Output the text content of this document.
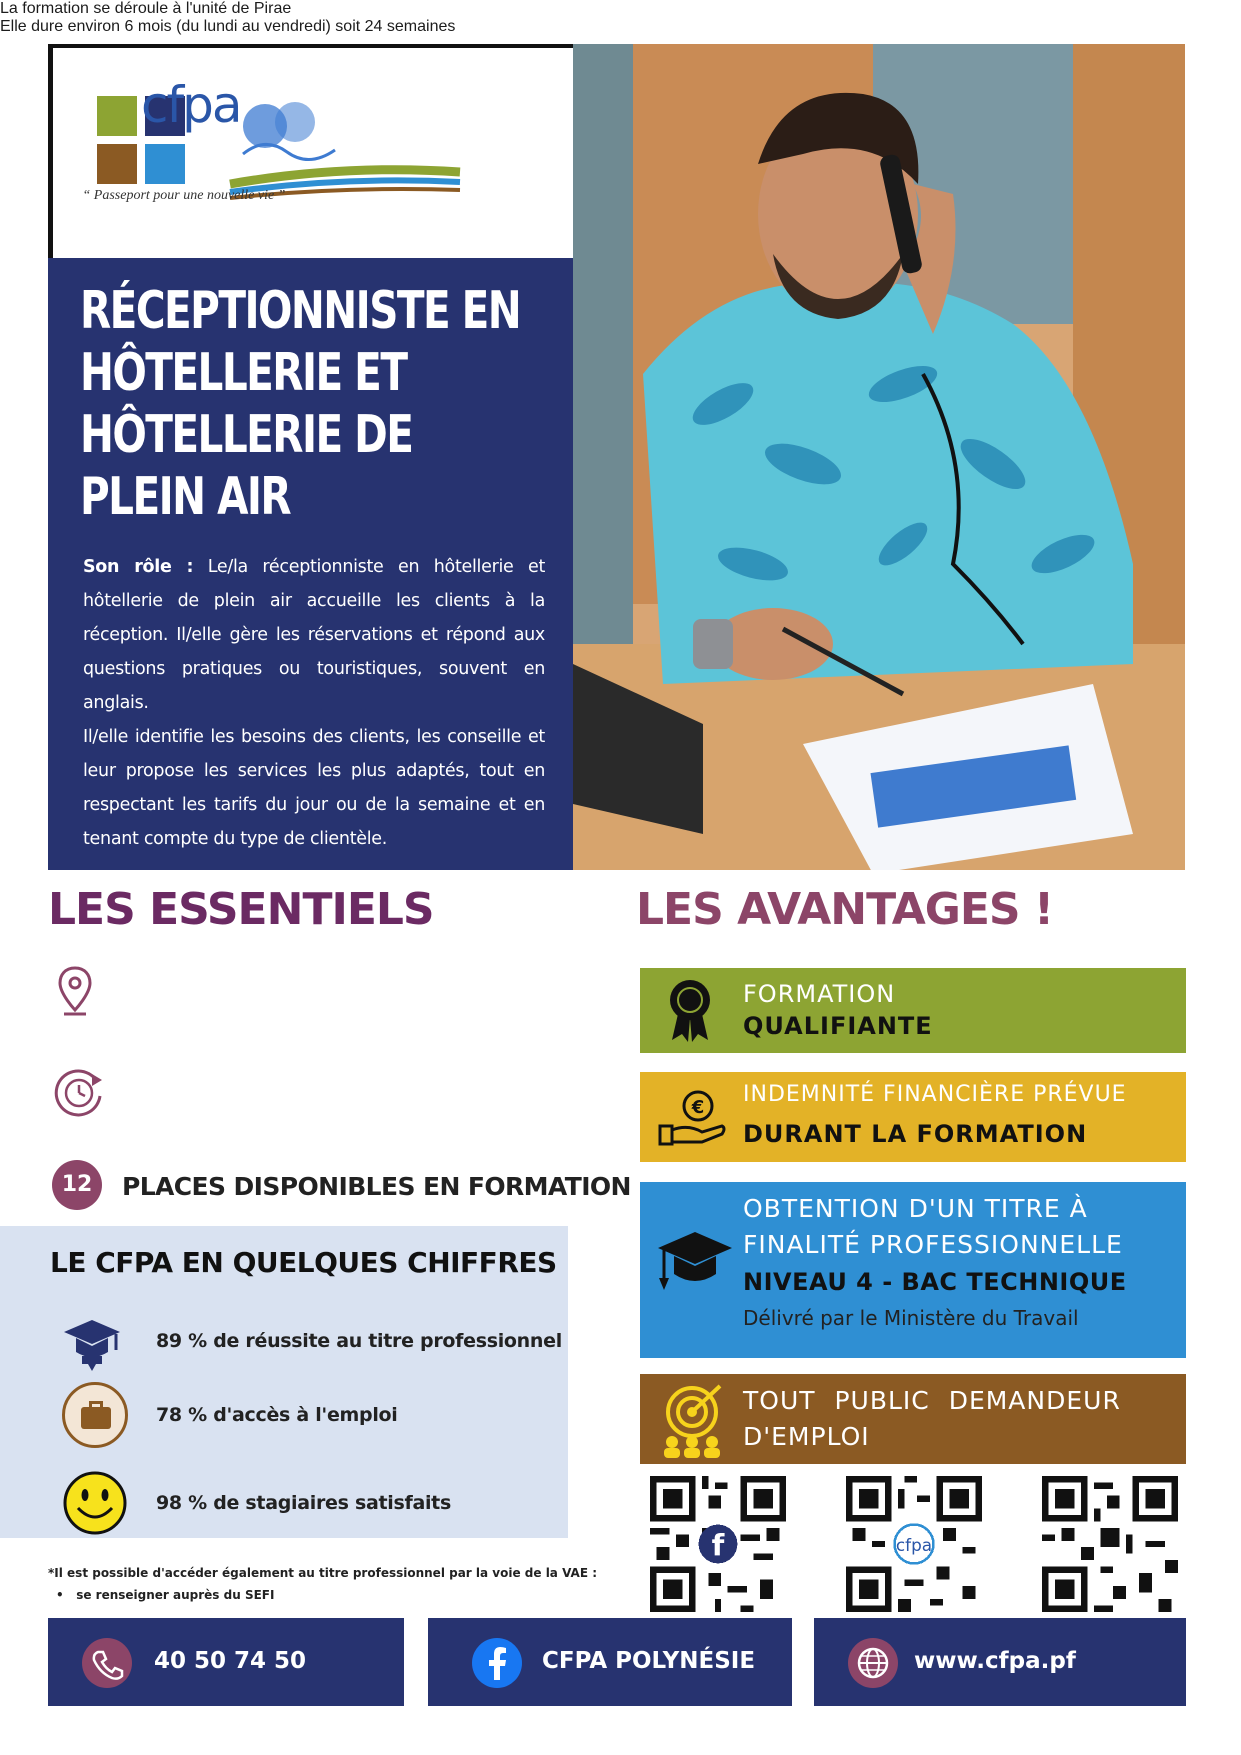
cfpa
“ Passeport pour une nouvelle vie ”
RÉCEPTIONNISTE EN HÔTELLERIE ET HÔTELLERIE DE PLEIN AIR
Son rôle : Le/la réceptionniste en hôtellerie et hôtellerie de plein air accueille les clients à la réception. Il/elle gère les réservations et répond aux questions pratiques ou touristiques, souvent en anglais.
Il/elle identifie les besoins des clients, les conseille et leur propose les services les plus adaptés, tout en respectant les tarifs du jour ou de la semaine et en tenant compte du type de clientèle.
LES ESSENTIELS	LES AVANTAGES !
La formation se déroule à l'unité de Pirae
Elle dure environ 6 mois (du lundi au vendredi) soit 24 semaines
12	PLACES DISPONIBLES EN FORMATION
LE CFPA EN QUELQUES CHIFFRES
89 % de réussite au titre professionnel
78 % d'accès à l'emploi
98 % de stagiaires satisfaits
*Il est possible d'accéder également au titre professionnel par la voie de la VAE :
•   se renseigner auprès du SEFI
FORMATION
QUALIFIANTE
€
INDEMNITÉ FINANCIÈRE PRÉVUE
DURANT LA FORMATION
OBTENTION D'UN TITRE À
FINALITÉ PROFESSIONNELLE
NIVEAU 4 - BAC TECHNIQUE
Délivré par le Ministère du Travail
TOUT PUBLIC DEMANDEUR
D'EMPLOI
f	cfpa
40 50 74 50	CFPA POLYNÉSIE	www.cfpa.pf
